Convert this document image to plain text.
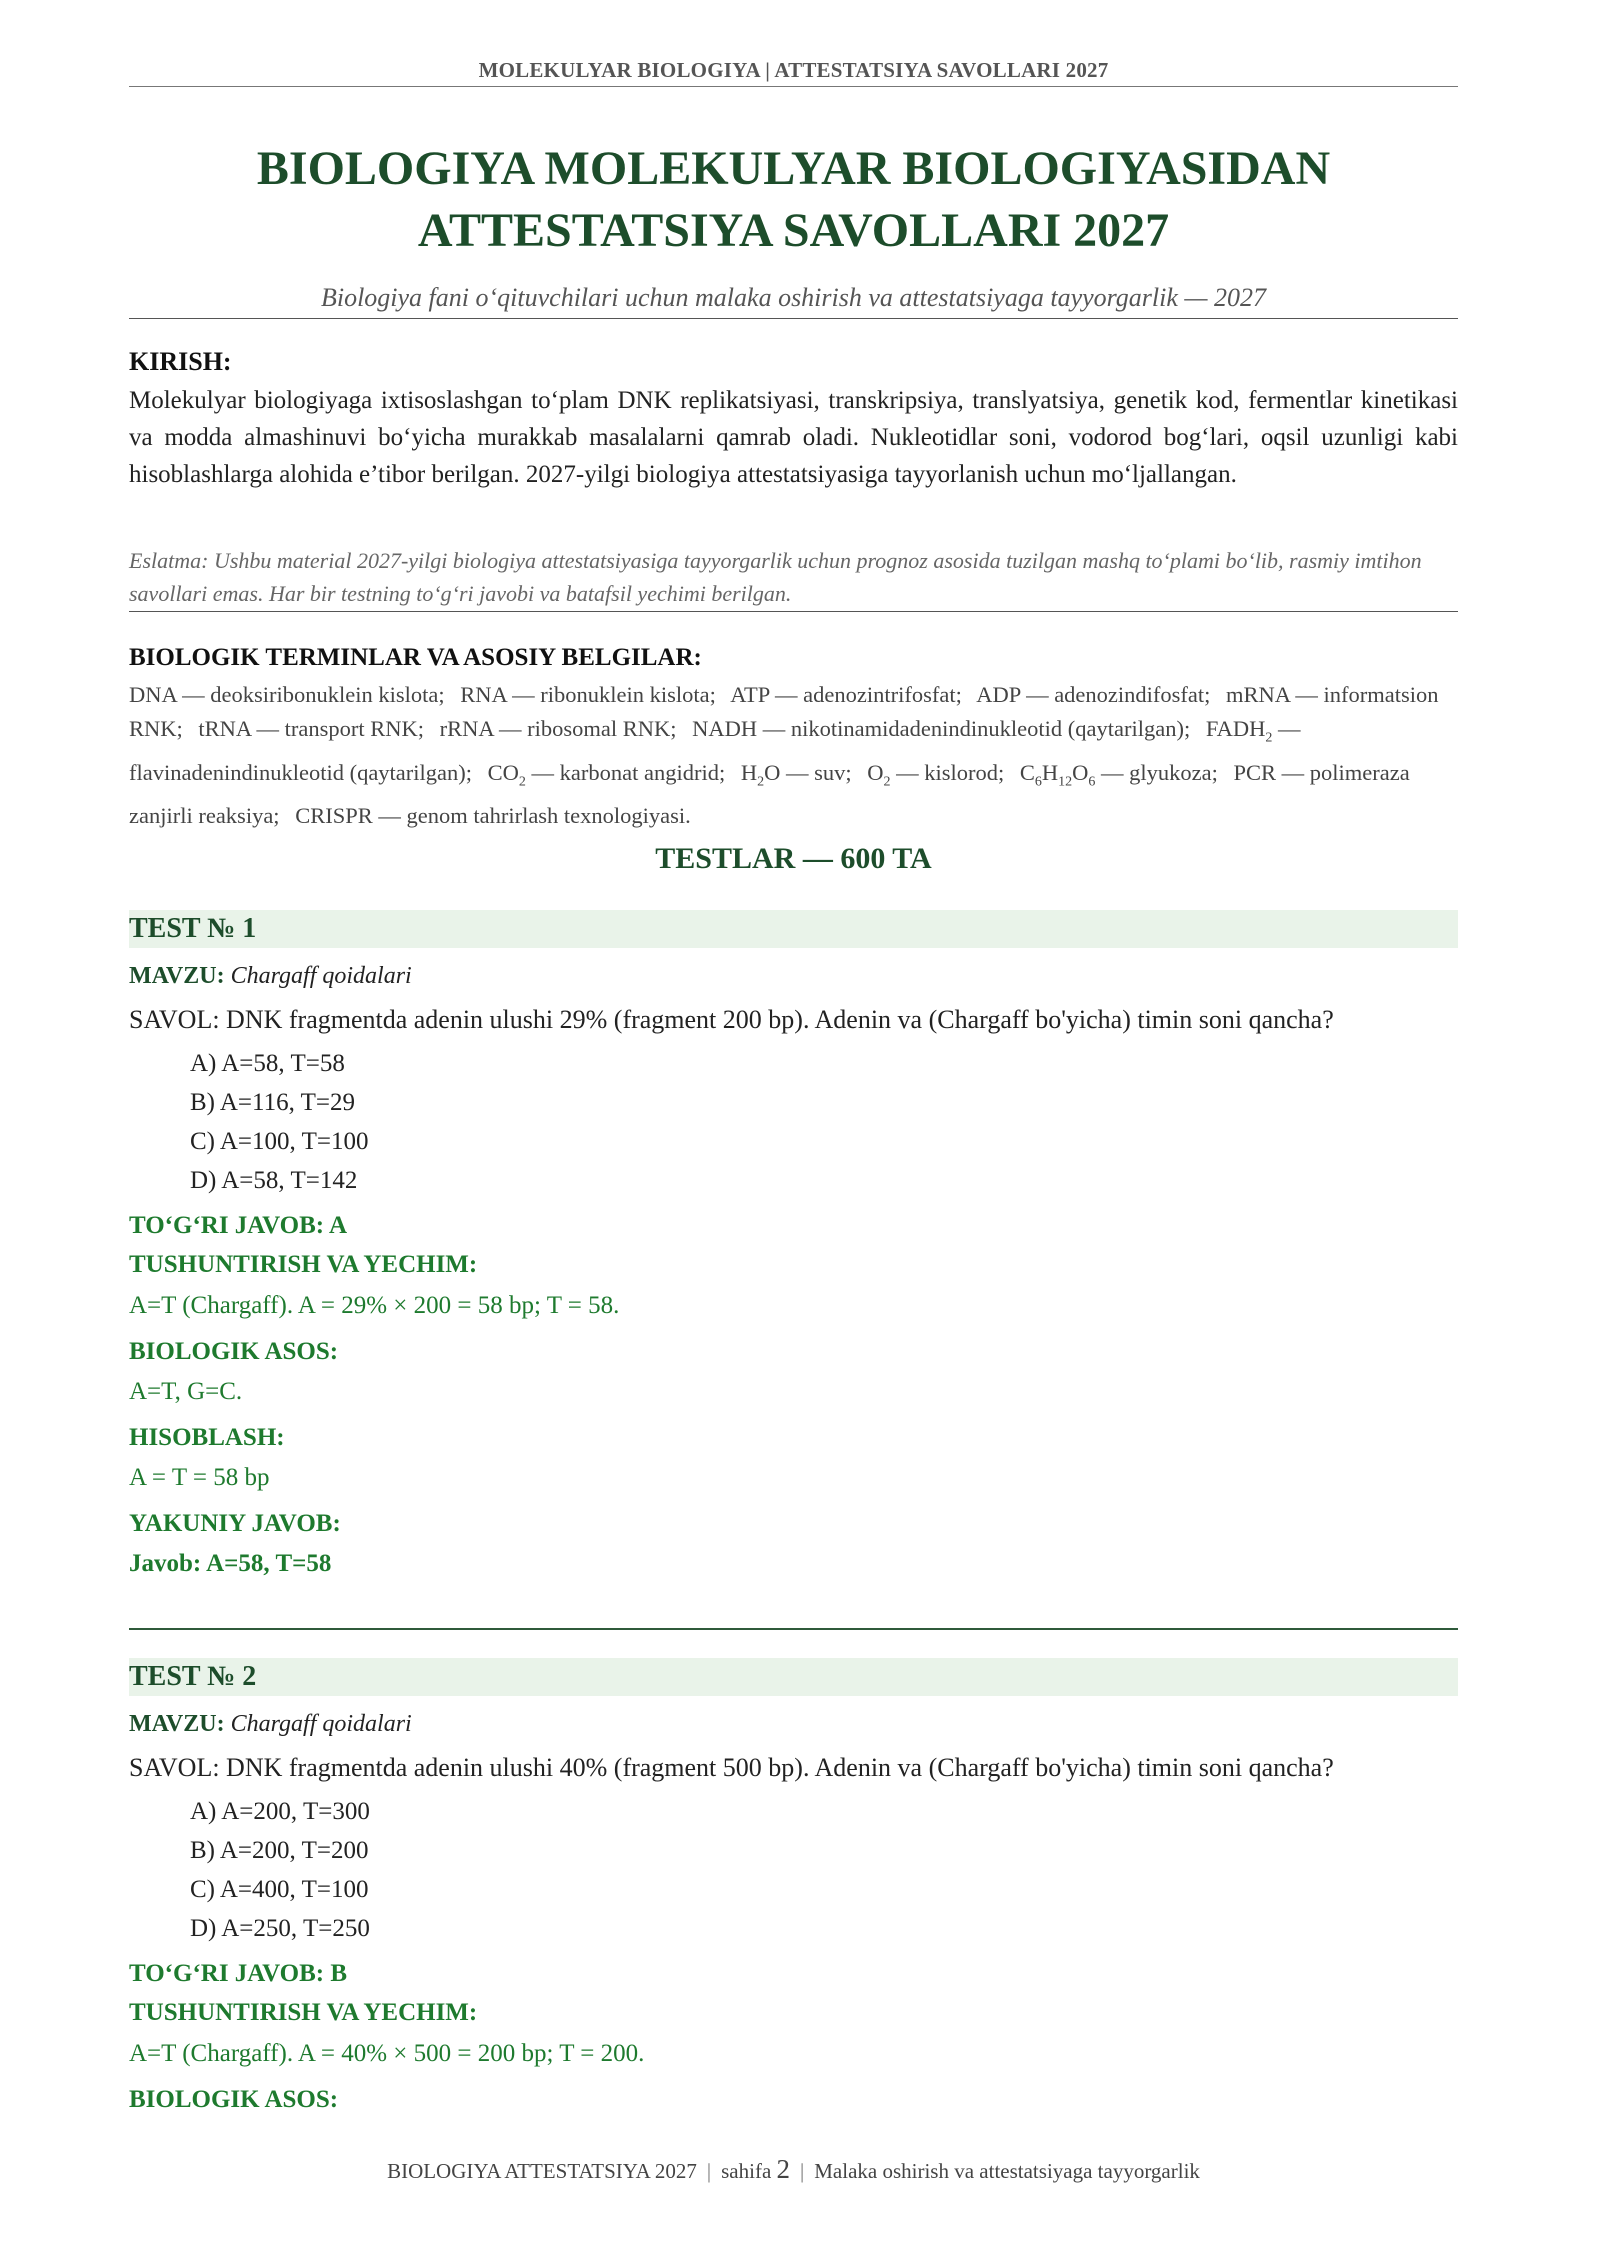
MOLEKULYAR BIOLOGIYA | ATTESTATSIYA SAVOLLARI 2027
BIOLOGIYA MOLEKULYAR BIOLOGIYASIDAN
ATTESTATSIYA SAVOLLARI 2027
Biologiya fani o‘qituvchilari uchun malaka oshirish va attestatsiyaga tayyorgarlik — 2027
KIRISH:
Molekulyar biologiyaga ixtisoslashgan to‘plam DNK replikatsiyasi, transkripsiya, translyatsiya, genetik kod, fermentlar kinetikasi va modda almashinuvi bo‘yicha murakkab masalalarni qamrab oladi. Nukleotidlar soni, vodorod bog‘lari, oqsil uzunligi kabi hisoblashlarga alohida e’tibor berilgan. 2027-yilgi biologiya attestatsiyasiga tayyorlanish uchun mo‘ljallangan.
Eslatma: Ushbu material 2027-yilgi biologiya attestatsiyasiga tayyorgarlik uchun prognoz asosida tuzilgan mashq to‘plami bo‘lib, rasmiy imtihon savollari emas. Har bir testning to‘g‘ri javobi va batafsil yechimi berilgan.
BIOLOGIK TERMINLAR VA ASOSIY BELGILAR:
DNA — deoksiribonuklein kislota; RNA — ribonuklein kislota; ATP — adenozintrifosfat; ADP — adenozindifosfat; mRNA — informatsion RNK; tRNA — transport RNK; rRNA — ribosomal RNK; NADH — nikotinamidadenindinukleotid (qaytarilgan); $FADH_2$ — flavinadenindinukleotid (qaytarilgan); $CO_2$ — karbonat angidrid; $H_2O$ — suv; $O_2$ — kislorod; $C_6H_{12}O_6$ — glyukoza; PCR — polimeraza zanjirli reaksiya; CRISPR — genom tahrirlash texnologiyasi.
TESTLAR — 600 TA
TEST № 1
MAVZU: Chargaff qoidalari
SAVOL: DNK fragmentda adenin ulushi 29% (fragment 200 bp). Adenin va (Chargaff bo'yicha) timin soni qancha?
A) A=58, T=58
B) A=116, T=29
C) A=100, T=100
D) A=58, T=142
TO‘G‘RI JAVOB: A
TUSHUNTIRISH VA YECHIM:
A=T (Chargaff). A = 29% × 200 = 58 bp; T = 58.
BIOLOGIK ASOS:
A=T, G=C.
HISOBLASH:
A = T = 58 bp
YAKUNIY JAVOB:
Javob: A=58, T=58
TEST № 2
MAVZU: Chargaff qoidalari
SAVOL: DNK fragmentda adenin ulushi 40% (fragment 500 bp). Adenin va (Chargaff bo'yicha) timin soni qancha?
A) A=200, T=300
B) A=200, T=200
C) A=400, T=100
D) A=250, T=250
TO‘G‘RI JAVOB: B
TUSHUNTIRISH VA YECHIM:
A=T (Chargaff). A = 40% × 500 = 200 bp; T = 200.
BIOLOGIK ASOS:
BIOLOGIYA ATTESTATSIYA 2027 | sahifa 2 | Malaka oshirish va attestatsiyaga tayyorgarlik
